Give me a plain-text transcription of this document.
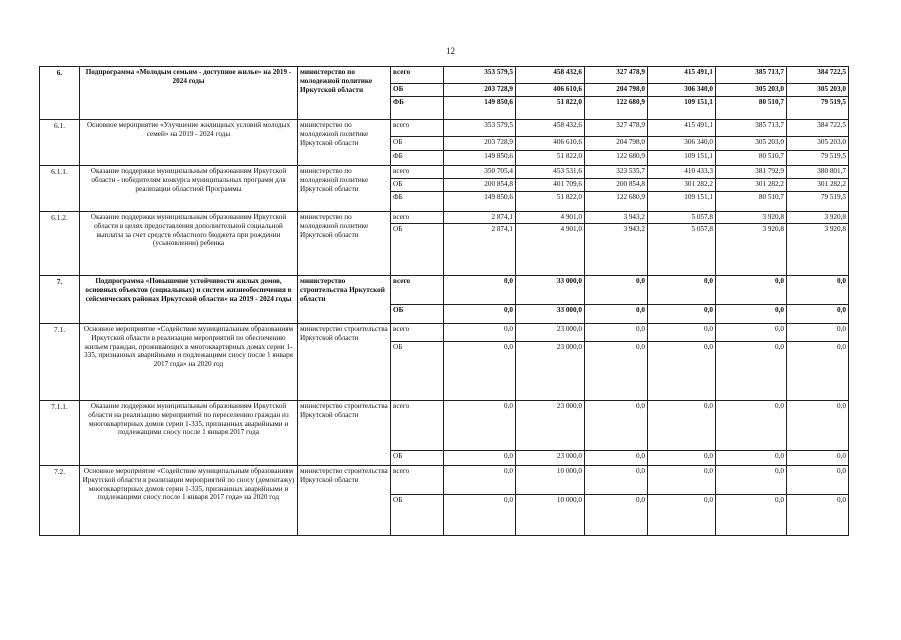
12
6.	Подпрограмма «Молодым семьям - доступное жилье» на 2019 - 2024 годы	министерство по молодежной политике Иркутской области	всего	353 579,5	458 432,6	327 478,9	415 491,1	385 713,7	384 722,5
			ОБ	203 728,9	406 610,6	204 798,0	306 340,0	305 203,0	305 203,0
			ФБ	149 850,6	51 822,0	122 680,9	109 151,1	80 510,7	79 519,5
6.1.	Основное мероприятие «Улучшение жилищных условий молодых семей» на 2019 - 2024 годы	министерство по молодежной политике Иркутской области	всего	353 579,5	458 432,6	327 478,9	415 491,1	385 713,7	384 722,5
			ОБ	203 728,9	406 610,6	204 798,0	306 340,0	305 203,0	305 203,0
			ФБ	149 850,6	51 822,0	122 680,9	109 151,1	80 510,7	79 519,5
6.1.1.	Оказание поддержки муниципальным образованиям Иркутской области - победителям конкурса муниципальных программ для реализации областной Программы	министерство по молодежной политике Иркутской области	всего	350 705,4	453 531,6	323 535,7	410 433,3	381 792,9	380 801,7
			ОБ	200 854,8	401 709,6	200 854,8	301 282,2	301 282,2	301 282,2
			ФБ	149 850,6	51 822,0	122 680,9	109 151,1	80 510,7	79 519,5
6.1.2.	Оказание поддержки муниципальным образованиям Иркутской области в целях предоставления дополнительной социальной выплаты за счет средств областного бюджета при рождении (усыновлении) ребенка	министерство по молодежной политике Иркутской области	всего	2 874,1	4 901,0	3 943,2	5 057,8	3 920,8	3 920,8
			ОБ	2 874,1	4 901,0	3 943,2	5 057,8	3 920,8	3 920,8
7.	Подпрограмма «Повышение устойчивости жилых домов, основных объектов (социальных) и систем жизнеобеспечения в сейсмических районах Иркутской области» на 2019 - 2024 годы	министерство строительства Иркутской области	всего	0,0	33 000,0	0,0	0,0	0,0	0,0
			ОБ	0,0	33 000,0	0,0	0,0	0,0	0,0
7.1.	Основное мероприятие «Содействие муниципальным образованиям Иркутской области в реализации мероприятий по обеспечению жильем граждан, проживающих в многоквартирных домах серии 1-335, признанных аварийными и подлежащими сносу после 1 января 2017 года» на 2020 год	министерство строительства Иркутской области	всего	0,0	23 000,0	0,0	0,0	0,0	0,0
			ОБ	0,0	23 000,0	0,0	0,0	0,0	0,0
7.1.1.	Оказание поддержки муниципальным образованиям Иркутской области на реализацию мероприятий по переселению граждан из многоквартирных домов серии 1-335, признанных аварийными и подлежащими сносу после 1 января 2017 года	министерство строительства Иркутской области	всего	0,0	23 000,0	0,0	0,0	0,0	0,0
			ОБ	0,0	23 000,0	0,0	0,0	0,0	0,0
7.2.	Основное мероприятие «Содействие муниципальным образованиям Иркутской области в реализации мероприятий по сносу (демонтажу) многоквартирных домов серии 1-335, признанных аварийными и подлежащими сносу после 1 января 2017 года» на 2020 год	министерство строительства Иркутской области	всего	0,0	10 000,0	0,0	0,0	0,0	0,0
			ОБ	0,0	10 000,0	0,0	0,0	0,0	0,0
